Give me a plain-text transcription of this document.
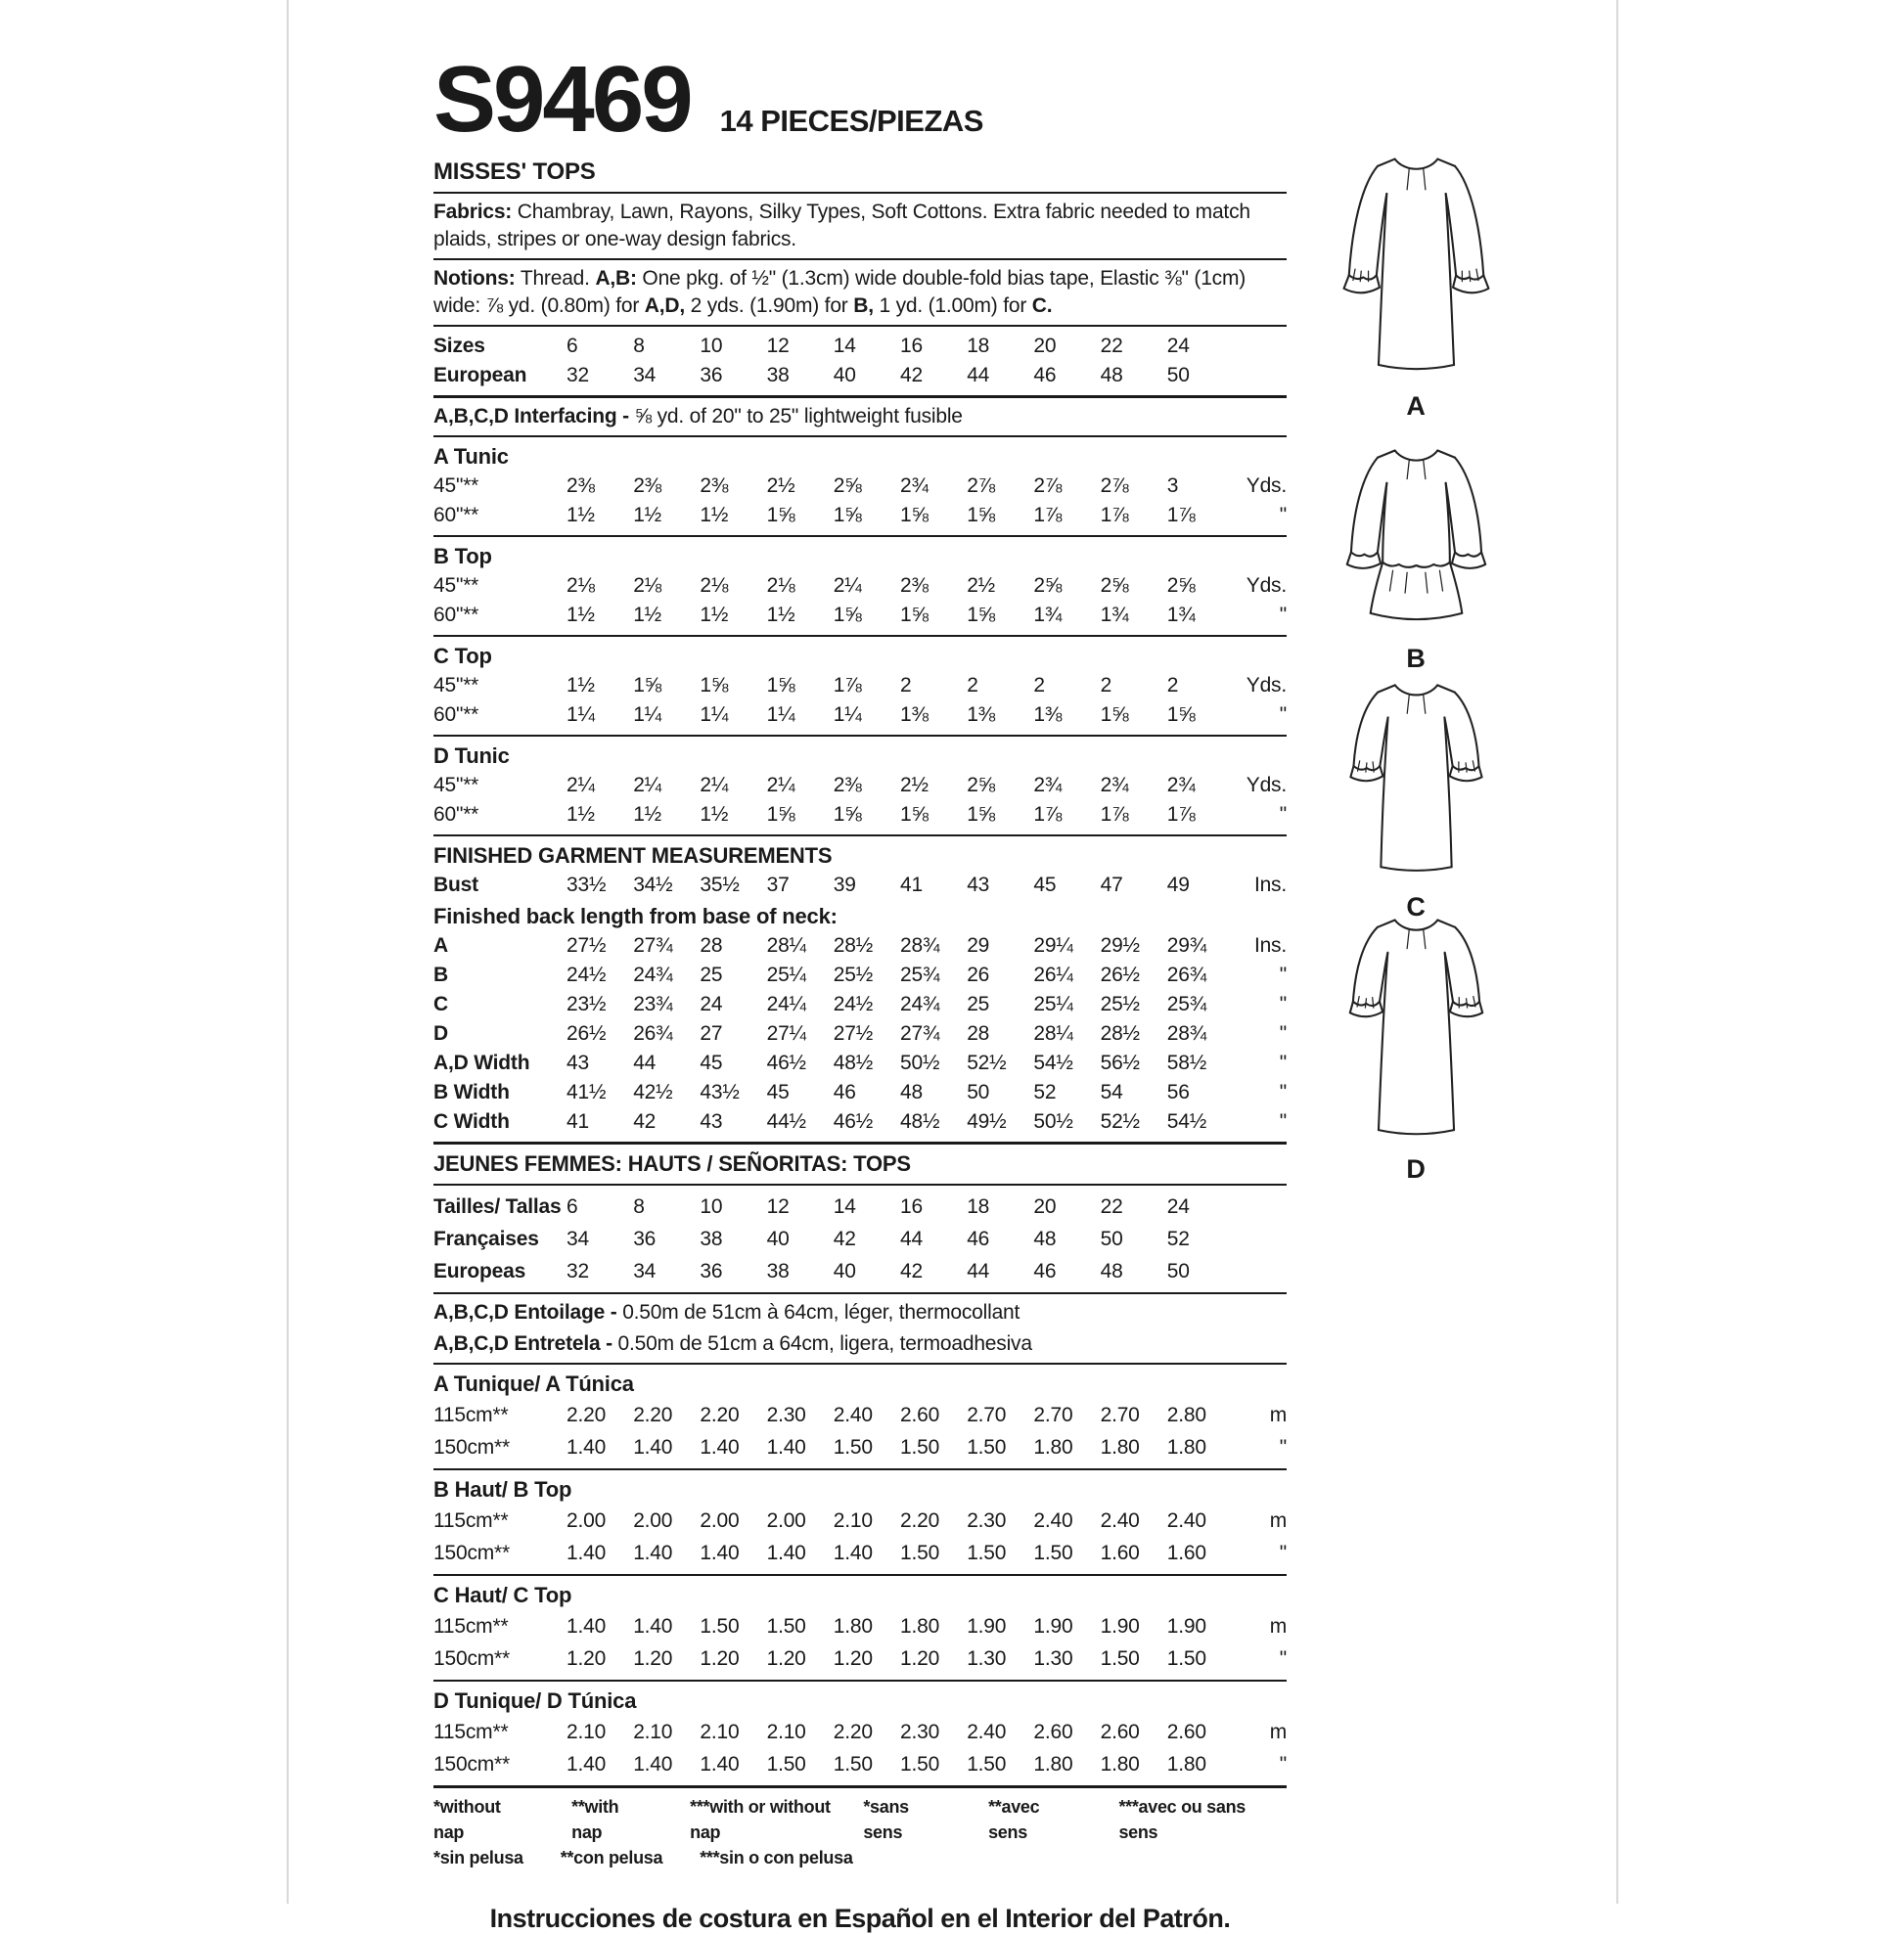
S9469 14 PIECES/PIEZAS
MISSES' TOPS

Fabrics: Chambray, Lawn, Rayons, Silky Types, Soft Cottons. Extra fabric needed to match plaids, stripes or one-way design fabrics.

Notions: Thread. A,B: One pkg. of ½" (1.3cm) wide double-fold bias tape, Elastic ⅜" (1cm) wide: ⅞ yd. (0.80m) for A,D, 2 yds. (1.90m) for B, 1 yd. (1.00m) for C.

Sizes	6	8	10	12	14	16	18	20	22	24
European	32	34	36	38	40	42	44	46	48	50

A,B,C,D Interfacing - ⅝ yd. of 20" to 25" lightweight fusible

A Tunic
45"**	2⅜	2⅜	2⅜	2½	2⅝	2¾	2⅞	2⅞	2⅞	3	Yds.
60"**	1½	1½	1½	1⅝	1⅝	1⅝	1⅝	1⅞	1⅞	1⅞	"
B Top
45"**	2⅛	2⅛	2⅛	2⅛	2¼	2⅜	2½	2⅝	2⅝	2⅝	Yds.
60"**	1½	1½	1½	1½	1⅝	1⅝	1⅝	1¾	1¾	1¾	"
C Top
45"**	1½	1⅝	1⅝	1⅝	1⅞	2	2	2	2	2	Yds.
60"**	1¼	1¼	1¼	1¼	1¼	1⅜	1⅜	1⅜	1⅝	1⅝	"
D Tunic
45"**	2¼	2¼	2¼	2¼	2⅜	2½	2⅝	2¾	2¾	2¾	Yds.
60"**	1½	1½	1½	1⅝	1⅝	1⅝	1⅝	1⅞	1⅞	1⅞	"
FINISHED GARMENT MEASUREMENTS
Bust	33½	34½	35½	37	39	41	43	45	47	49	Ins.
Finished back length from base of neck:
A	27½	27¾	28	28¼	28½	28¾	29	29¼	29½	29¾	Ins.
B	24½	24¾	25	25¼	25½	25¾	26	26¼	26½	26¾	"
C	23½	23¾	24	24¼	24½	24¾	25	25¼	25½	25¾	"
D	26½	26¾	27	27¼	27½	27¾	28	28¼	28½	28¾	"
A,D Width	43	44	45	46½	48½	50½	52½	54½	56½	58½	"
B Width	41½	42½	43½	45	46	48	50	52	54	56	"
C Width	41	42	43	44½	46½	48½	49½	50½	52½	54½	"
JEUNES FEMMES: HAUTS / SEÑORITAS: TOPS
Tailles/ Tallas 6	8	10	12	14	16	18	20	22	24
Françaises	34	36	38	40	42	44	46	48	50	52
Europeas	32	34	36	38	40	42	44	46	48	50

A,B,C,D Entoilage - 0.50m de 51cm à 64cm, léger, thermocollant

A,B,C,D Entretela - 0.50m de 51cm a 64cm, ligera, termoadhesiva

A Tunique/ A Túnica
115cm**	2.20	2.20	2.20	2.30	2.40	2.60	2.70	2.70	2.70	2.80	m
150cm**	1.40	1.40	1.40	1.40	1.50	1.50	1.50	1.80	1.80	1.80	"
B Haut/ B Top
115cm**	2.00	2.00	2.00	2.00	2.10	2.20	2.30	2.40	2.40	2.40	m
150cm**	1.40	1.40	1.40	1.40	1.40	1.50	1.50	1.50	1.60	1.60	"
C Haut/ C Top
115cm**	1.40	1.40	1.50	1.50	1.80	1.80	1.90	1.90	1.90	1.90	m
150cm**	1.20	1.20	1.20	1.20	1.20	1.20	1.30	1.30	1.50	1.50	"
D Tunique/ D Túnica
115cm**	2.10	2.10	2.10	2.10	2.20	2.30	2.40	2.60	2.60	2.60	m
150cm**	1.40	1.40	1.40	1.50	1.50	1.50	1.50	1.80	1.80	1.80	"
*without nap
**with nap
***with or without nap
*sans sens
**avec sens
***avec ou sans sens
*sin pelusa **con pelusa ***sin o con pelusa
Instrucciones de costura en Español en el Interior del Patrón.
A
B
C
D
